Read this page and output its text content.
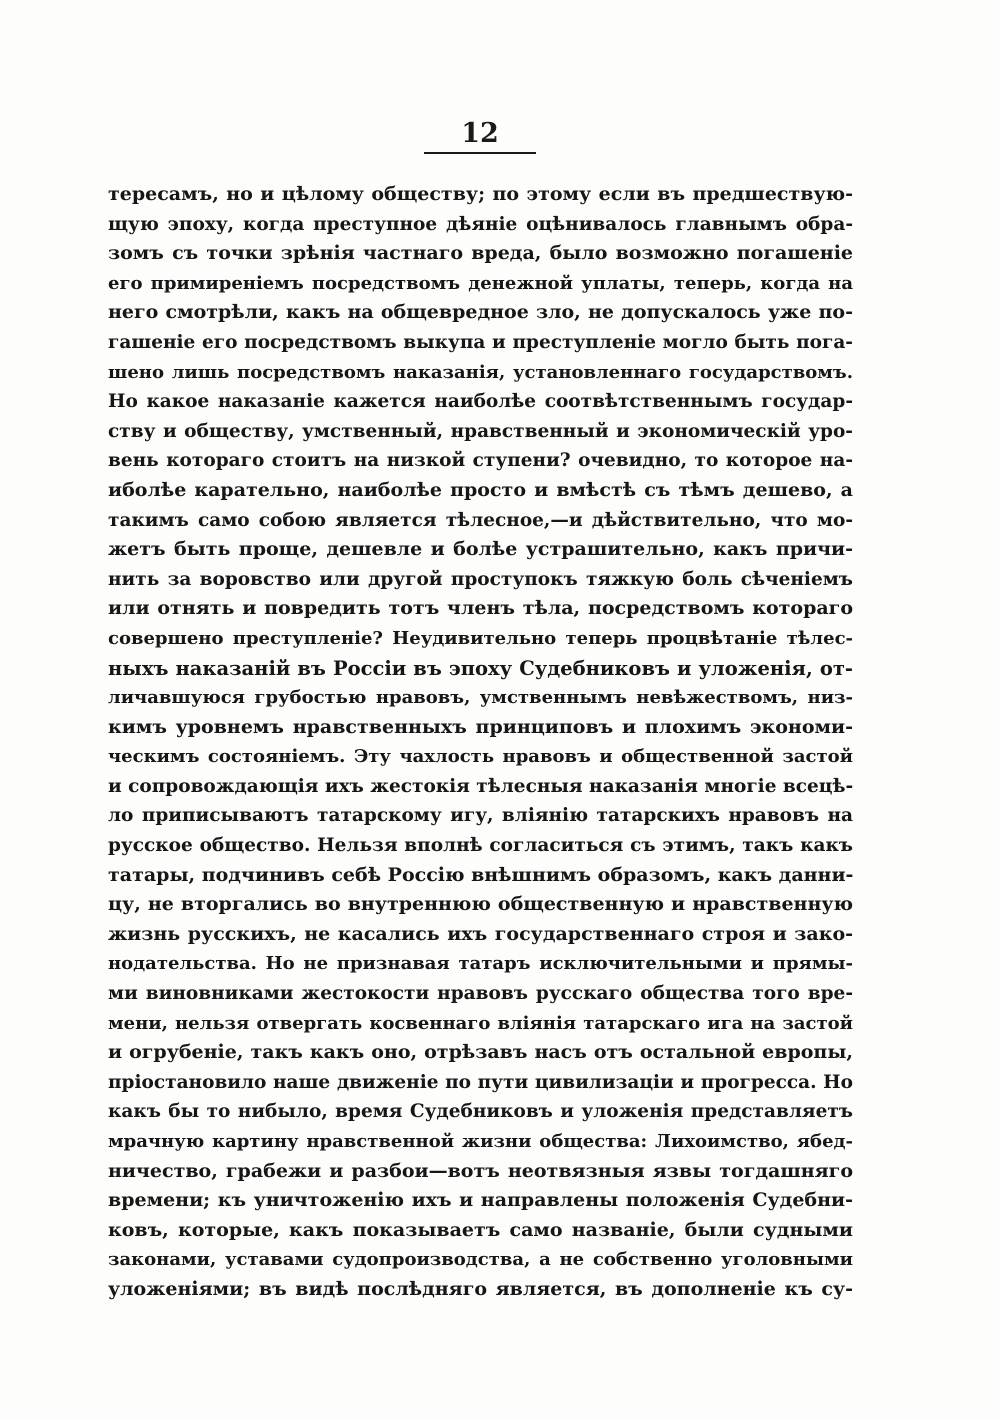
12
тересамъ, но и цѣлому обществу; по этому если въ предшествую-
щую эпоху, когда преступное дѣяніе оцѣнивалось главнымъ обра-
зомъ съ точки зрѣнія частнаго вреда, было возможно погашеніе
его примиреніемъ посредствомъ денежной уплаты, теперь, когда на
него смотрѣли, какъ на общевредное зло, не допускалось уже по-
гашеніе его посредствомъ выкупа и преступленіе могло быть пога-
шено лишь посредствомъ наказанія, установленнаго государствомъ.
Но какое наказаніе кажется наиболѣе соотвѣтственнымъ государ-
ству и обществу, умственный, нравственный и экономическій уро-
вень котораго стоитъ на низкой ступени? очевидно, то которое на-
иболѣе карательно, наиболѣе просто и вмѣстѣ съ тѣмъ дешево, а
такимъ само собою является тѣлесное,—и дѣйствительно, что мо-
жетъ быть проще, дешевле и болѣе устрашительно, какъ причи-
нить за воровство или другой проступокъ тяжкую боль сѣченіемъ
или отнять и повредить тотъ членъ тѣла, посредствомъ котораго
совершено преступленіе? Неудивительно теперь процвѣтаніе тѣлес-
ныхъ наказаній въ Россіи въ эпоху Судебниковъ и уложенія, от-
личавшуюся грубостью нравовъ, умственнымъ невѣжествомъ, низ-
кимъ уровнемъ нравственныхъ принциповъ и плохимъ экономи-
ческимъ состояніемъ. Эту чахлость нравовъ и общественной застой
и сопровождающія ихъ жестокія тѣлесныя наказанія многіе всецѣ-
ло приписываютъ татарскому игу, вліянію татарскихъ нравовъ на
русское общество. Нельзя вполнѣ согласиться съ этимъ, такъ какъ
татары, подчинивъ себѣ Россію внѣшнимъ образомъ, какъ данни-
цу, не вторгались во внутреннюю общественную и нравственную
жизнь русскихъ, не касались ихъ государственнаго строя и зако-
нодательства. Но не признавая татаръ исключительными и прямы-
ми виновниками жестокости нравовъ русскаго общества того вре-
мени, нельзя отвергать косвеннаго вліянія татарскаго ига на застой
и огрубеніе, такъ какъ оно, отрѣзавъ насъ отъ остальной европы,
пріостановило наше движеніе по пути цивилизаціи и прогресса. Но
какъ бы то нибыло, время Судебниковъ и уложенія представляетъ
мрачную картину нравственной жизни общества: Лихоимство, ябед-
ничество, грабежи и разбои—вотъ неотвязныя язвы тогдашняго
времени; къ уничтоженію ихъ и направлены положенія Судебни-
ковъ, которые, какъ показываетъ само названіе, были судными
законами, уставами судопроизводства, а не собственно уголовными
уложеніями; въ видѣ послѣдняго является, въ дополненіе къ су-
